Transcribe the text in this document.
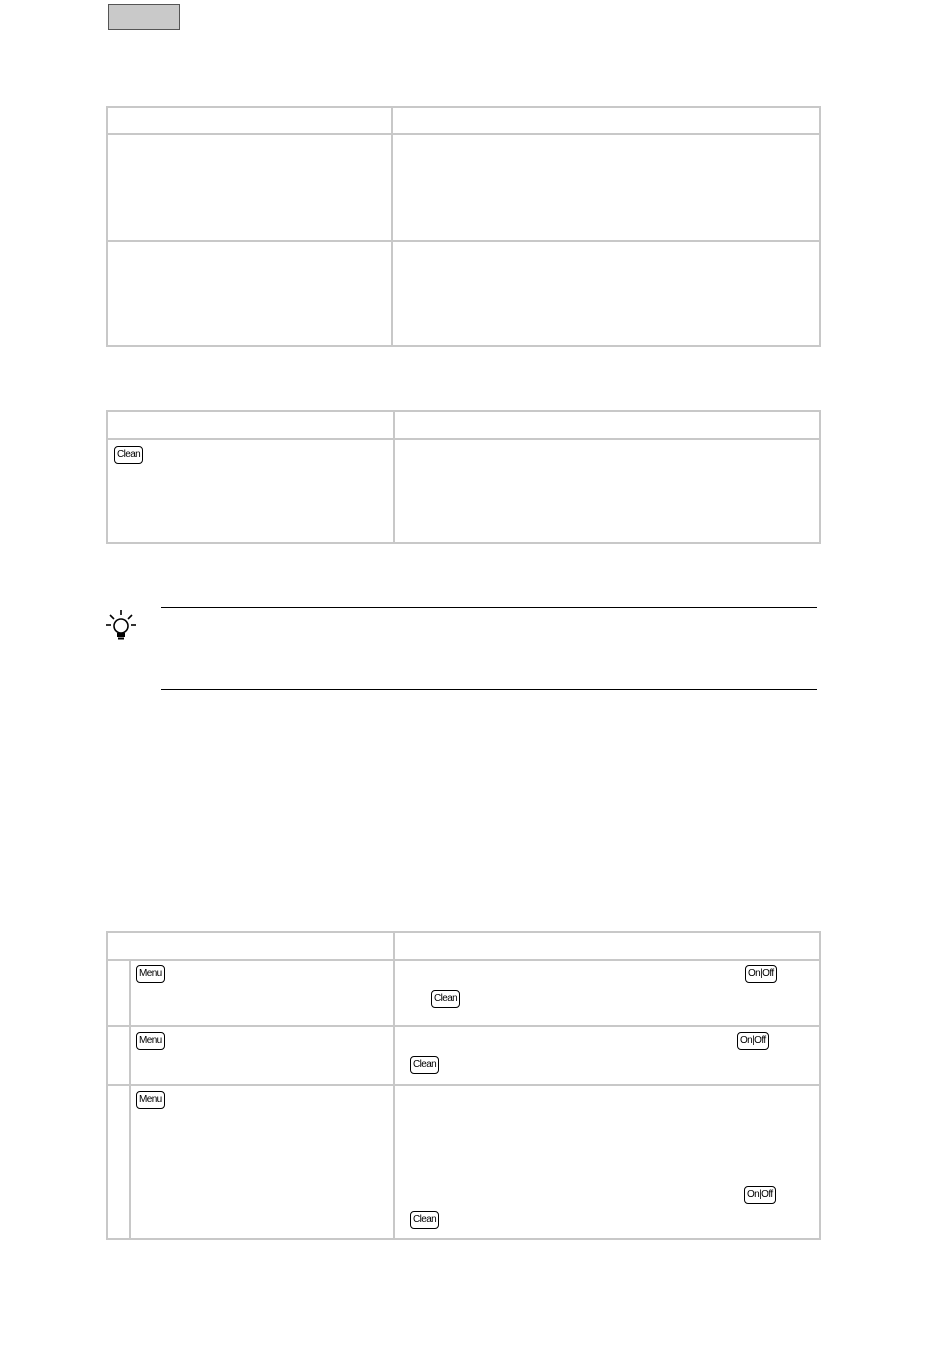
Clean
Menu	On|Off
Clean
Menu	On|Off
Clean
Menu
On|Off
Clean
